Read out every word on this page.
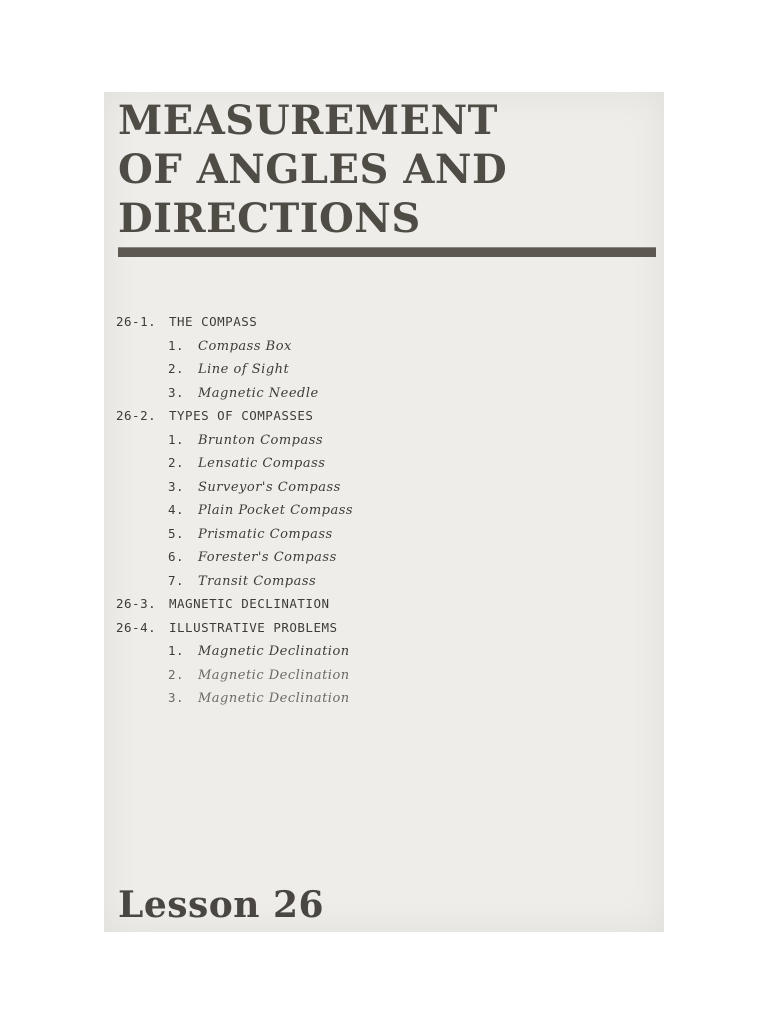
MEASUREMENT
OF ANGLES AND
DIRECTIONS
26-1. THE COMPASS
1. Compass Box
2. Line of Sight
3. Magnetic Needle
26-2. TYPES OF COMPASSES
1. Brunton Compass
2. Lensatic Compass
3. Surveyor's Compass
4. Plain Pocket Compass
5. Prismatic Compass
6. Forester's Compass
7. Transit Compass
26-3. MAGNETIC DECLINATION
26-4. ILLUSTRATIVE PROBLEMS
1. Magnetic Declination
2. Magnetic Declination
3. Magnetic Declination
Lesson 26
